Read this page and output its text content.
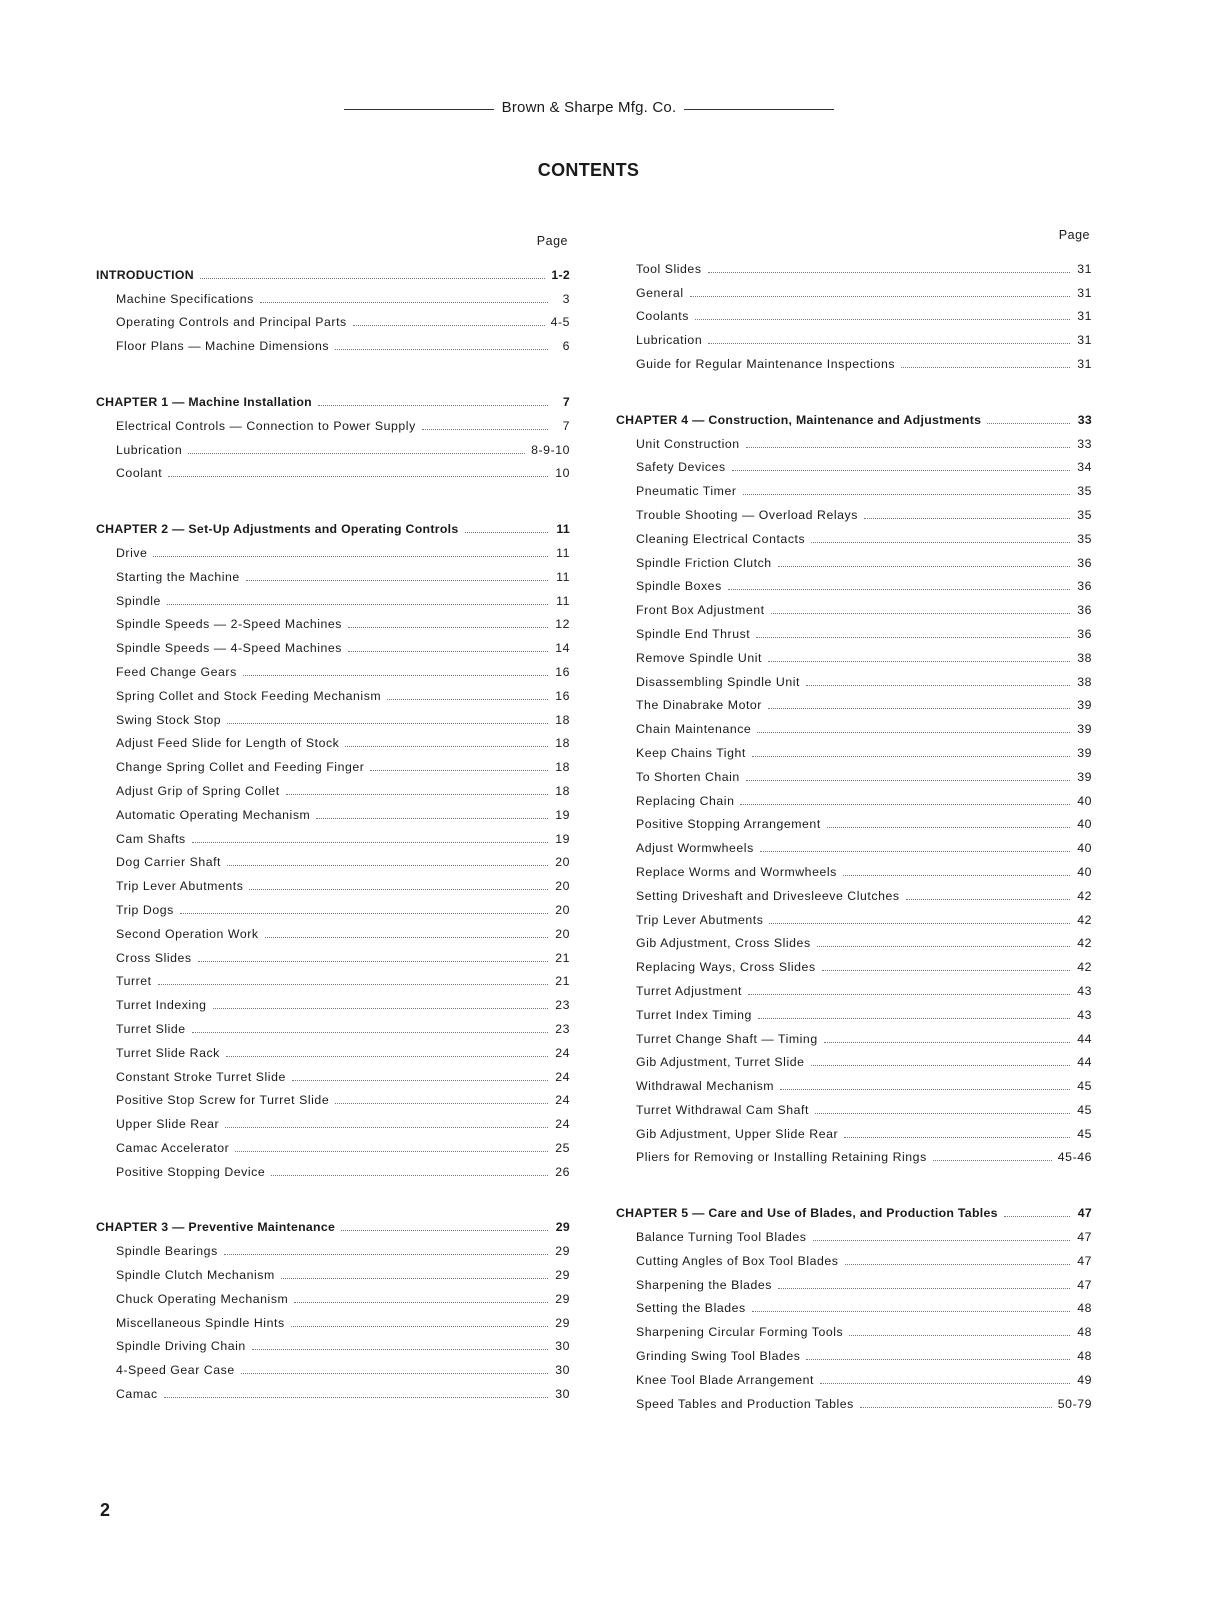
Brown & Sharpe Mfg. Co.
CONTENTS
Page
INTRODUCTION	1-2
Machine Specifications	3
Operating Controls and Principal Parts	4-5
Floor Plans — Machine Dimensions	6
CHAPTER 1 — Machine Installation	7
Electrical Controls — Connection to Power Supply	7
Lubrication	8-9-10
Coolant	10
CHAPTER 2 — Set-Up Adjustments and Operating Controls	11
Drive	11
Starting the Machine	11
Spindle	11
Spindle Speeds — 2-Speed Machines	12
Spindle Speeds — 4-Speed Machines	14
Feed Change Gears	16
Spring Collet and Stock Feeding Mechanism	16
Swing Stock Stop	18
Adjust Feed Slide for Length of Stock	18
Change Spring Collet and Feeding Finger	18
Adjust Grip of Spring Collet	18
Automatic Operating Mechanism	19
Cam Shafts	19
Dog Carrier Shaft	20
Trip Lever Abutments	20
Trip Dogs	20
Second Operation Work	20
Cross Slides	21
Turret	21
Turret Indexing	23
Turret Slide	23
Turret Slide Rack	24
Constant Stroke Turret Slide	24
Positive Stop Screw for Turret Slide	24
Upper Slide Rear	24
Camac Accelerator	25
Positive Stopping Device	26
CHAPTER 3 — Preventive Maintenance	29
Spindle Bearings	29
Spindle Clutch Mechanism	29
Chuck Operating Mechanism	29
Miscellaneous Spindle Hints	29
Spindle Driving Chain	30
4-Speed Gear Case	30
Camac	30
Page
Tool Slides	31
General	31
Coolants	31
Lubrication	31
Guide for Regular Maintenance Inspections	31
CHAPTER 4 — Construction, Maintenance and Adjustments	33
Unit Construction	33
Safety Devices	34
Pneumatic Timer	35
Trouble Shooting — Overload Relays	35
Cleaning Electrical Contacts	35
Spindle Friction Clutch	36
Spindle Boxes	36
Front Box Adjustment	36
Spindle End Thrust	36
Remove Spindle Unit	38
Disassembling Spindle Unit	38
The Dinabrake Motor	39
Chain Maintenance	39
Keep Chains Tight	39
To Shorten Chain	39
Replacing Chain	40
Positive Stopping Arrangement	40
Adjust Wormwheels	40
Replace Worms and Wormwheels	40
Setting Driveshaft and Drivesleeve Clutches	42
Trip Lever Abutments	42
Gib Adjustment, Cross Slides	42
Replacing Ways, Cross Slides	42
Turret Adjustment	43
Turret Index Timing	43
Turret Change Shaft — Timing	44
Gib Adjustment, Turret Slide	44
Withdrawal Mechanism	45
Turret Withdrawal Cam Shaft	45
Gib Adjustment, Upper Slide Rear	45
Pliers for Removing or Installing Retaining Rings	45-46
CHAPTER 5 — Care and Use of Blades, and Production Tables	47
Balance Turning Tool Blades	47
Cutting Angles of Box Tool Blades	47
Sharpening the Blades	47
Setting the Blades	48
Sharpening Circular Forming Tools	48
Grinding Swing Tool Blades	48
Knee Tool Blade Arrangement	49
Speed Tables and Production Tables	50-79
2
